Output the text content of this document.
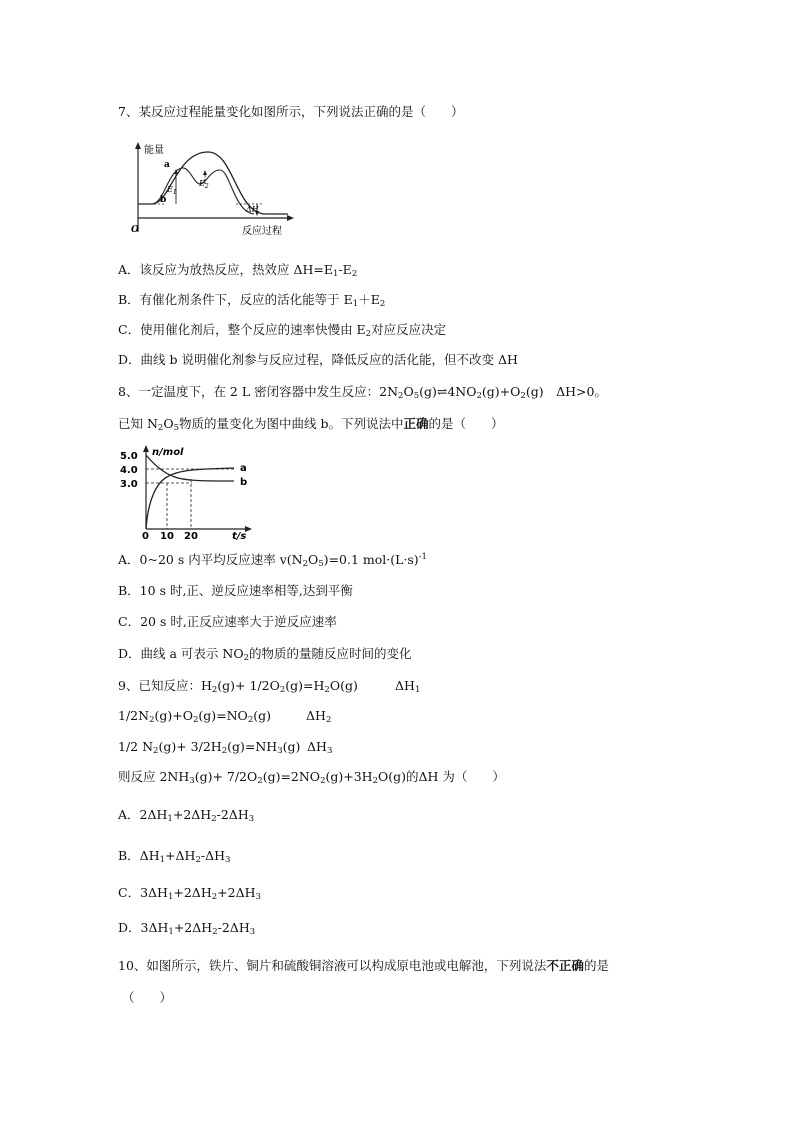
7、某反应过程能量变化如图所示，下列说法正确的是（　　）
能量
反应过程
O
a
b
$E_1$
$E_2$
ΔH
A．该反应为放热反应，热效应 $\Delta H=E_1-E_2$
B．有催化剂条件下，反应的活化能等于 $E_1+E_2$
C．使用催化剂后，整个反应的速率快慢由 $E_2$对应反应决定
D．曲线 b 说明催化剂参与反应过程，降低反应的活化能，但不改变 ΔH
8、一定温度下，在 2 L 密闭容器中发生反应：$2N_2O_5(g)\rightleftharpoons 4NO_2(g)+O_2(g)$　ΔH>0。
已知 $N_2O_5$物质的量变化为图中曲线 b。下列说法中正确的是（　　）
5.0
4.0
3.0
0 10 20
n/mol
t/s
a
b
A．0~20 s 内平均反应速率 $v(N_2O_5)=0.1$ $mol\cdot(L\cdot s)^{-1}$
B．10 s 时,正、逆反应速率相等,达到平衡
C．20 s 时,正反应速率大于逆反应速率
D．曲线 a 可表示 $NO_2$的物质的量随反应时间的变化
9、已知反应：$H_2(g)+ 1/2O_2(g)=H_2O(g)$	$\Delta H_1$
$1/2N_2(g)+O_2(g)=NO_2(g)$	$\Delta H_2$
1/2 $N_2(g)+ 3/2H_2(g)=NH_3(g)$ $\Delta H_3$
则反应 $2NH_3(g)+ 7/2O_2(g)=2NO_2(g)+3H_2O(g)$的ΔH 为（　　）
A．$2\Delta H_1+2\Delta H_2-2\Delta H_3$
B．$\Delta H_1+\Delta H_2-\Delta H_3$
C．$3\Delta H_1+2\Delta H_2+2\Delta H_3$
D．$3\Delta H_1+2\Delta H_2-2\Delta H_3$
10、如图所示，铁片、铜片和硫酸铜溶液可以构成原电池或电解池，下列说法不正确的是
（　　）
